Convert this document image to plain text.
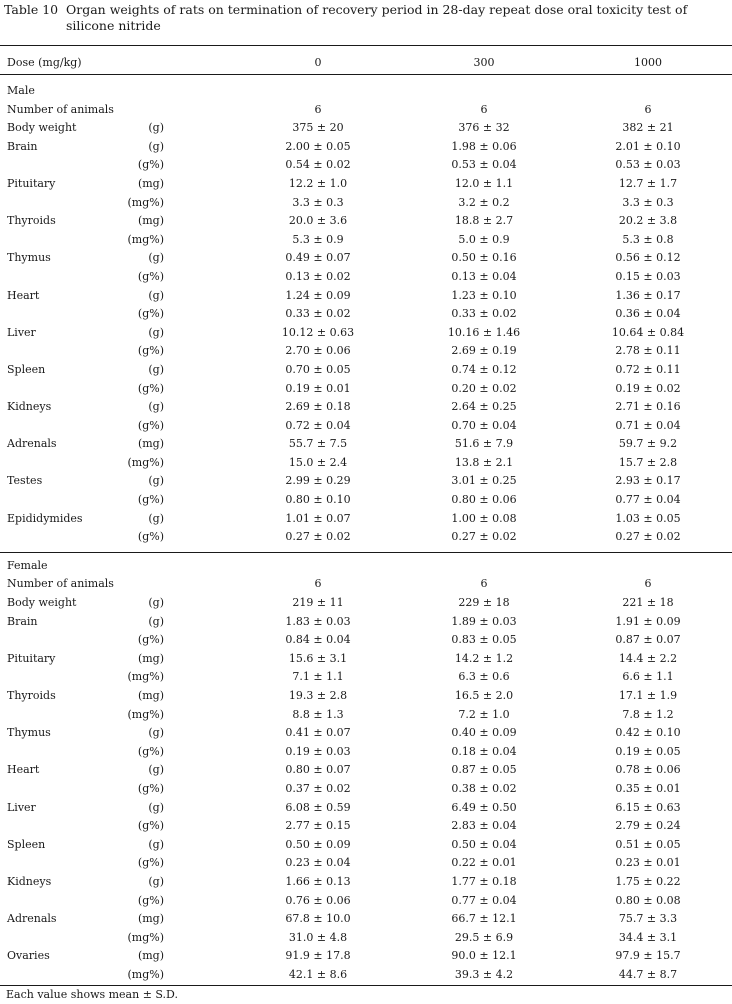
Table 10 Organ weights of rats on termination of recovery period in 28-day repeat dose oral toxicity test of silicone nitride
Dose (mg/kg)	0	300	1000
Male
Number of animals	6	6	6
Body weight	(g)	375 ± 20	376 ± 32	382 ± 21
Brain	(g)	2.00 ± 0.05	1.98 ± 0.06	2.01 ± 0.10
(g%)	0.54 ± 0.02	0.53 ± 0.04	0.53 ± 0.03
Pituitary	(mg)	12.2 ± 1.0	12.0 ± 1.1	12.7 ± 1.7
(mg%)	3.3 ± 0.3	3.2 ± 0.2	3.3 ± 0.3
Thyroids	(mg)	20.0 ± 3.6	18.8 ± 2.7	20.2 ± 3.8
(mg%)	5.3 ± 0.9	5.0 ± 0.9	5.3 ± 0.8
Thymus	(g)	0.49 ± 0.07	0.50 ± 0.16	0.56 ± 0.12
(g%)	0.13 ± 0.02	0.13 ± 0.04	0.15 ± 0.03
Heart	(g)	1.24 ± 0.09	1.23 ± 0.10	1.36 ± 0.17
(g%)	0.33 ± 0.02	0.33 ± 0.02	0.36 ± 0.04
Liver	(g)	10.12 ± 0.63	10.16 ± 1.46	10.64 ± 0.84
(g%)	2.70 ± 0.06	2.69 ± 0.19	2.78 ± 0.11
Spleen	(g)	0.70 ± 0.05	0.74 ± 0.12	0.72 ± 0.11
(g%)	0.19 ± 0.01	0.20 ± 0.02	0.19 ± 0.02
Kidneys	(g)	2.69 ± 0.18	2.64 ± 0.25	2.71 ± 0.16
(g%)	0.72 ± 0.04	0.70 ± 0.04	0.71 ± 0.04
Adrenals	(mg)	55.7 ± 7.5	51.6 ± 7.9	59.7 ± 9.2
(mg%)	15.0 ± 2.4	13.8 ± 2.1	15.7 ± 2.8
Testes	(g)	2.99 ± 0.29	3.01 ± 0.25	2.93 ± 0.17
(g%)	0.80 ± 0.10	0.80 ± 0.06	0.77 ± 0.04
Epididymides	(g)	1.01 ± 0.07	1.00 ± 0.08	1.03 ± 0.05
(g%)	0.27 ± 0.02	0.27 ± 0.02	0.27 ± 0.02
Female
Number of animals	6	6	6
Body weight	(g)	219 ± 11	229 ± 18	221 ± 18
Brain	(g)	1.83 ± 0.03	1.89 ± 0.03	1.91 ± 0.09
(g%)	0.84 ± 0.04	0.83 ± 0.05	0.87 ± 0.07
Pituitary	(mg)	15.6 ± 3.1	14.2 ± 1.2	14.4 ± 2.2
(mg%)	7.1 ± 1.1	6.3 ± 0.6	6.6 ± 1.1
Thyroids	(mg)	19.3 ± 2.8	16.5 ± 2.0	17.1 ± 1.9
(mg%)	8.8 ± 1.3	7.2 ± 1.0	7.8 ± 1.2
Thymus	(g)	0.41 ± 0.07	0.40 ± 0.09	0.42 ± 0.10
(g%)	0.19 ± 0.03	0.18 ± 0.04	0.19 ± 0.05
Heart	(g)	0.80 ± 0.07	0.87 ± 0.05	0.78 ± 0.06
(g%)	0.37 ± 0.02	0.38 ± 0.02	0.35 ± 0.01
Liver	(g)	6.08 ± 0.59	6.49 ± 0.50	6.15 ± 0.63
(g%)	2.77 ± 0.15	2.83 ± 0.04	2.79 ± 0.24
Spleen	(g)	0.50 ± 0.09	0.50 ± 0.04	0.51 ± 0.05
(g%)	0.23 ± 0.04	0.22 ± 0.01	0.23 ± 0.01
Kidneys	(g)	1.66 ± 0.13	1.77 ± 0.18	1.75 ± 0.22
(g%)	0.76 ± 0.06	0.77 ± 0.04	0.80 ± 0.08
Adrenals	(mg)	67.8 ± 10.0	66.7 ± 12.1	75.7 ± 3.3
(mg%)	31.0 ± 4.8	29.5 ± 6.9	34.4 ± 3.1
Ovaries	(mg)	91.9 ± 17.8	90.0 ± 12.1	97.9 ± 15.7
(mg%)	42.1 ± 8.6	39.3 ± 4.2	44.7 ± 8.7
Each value shows mean ± S.D.
